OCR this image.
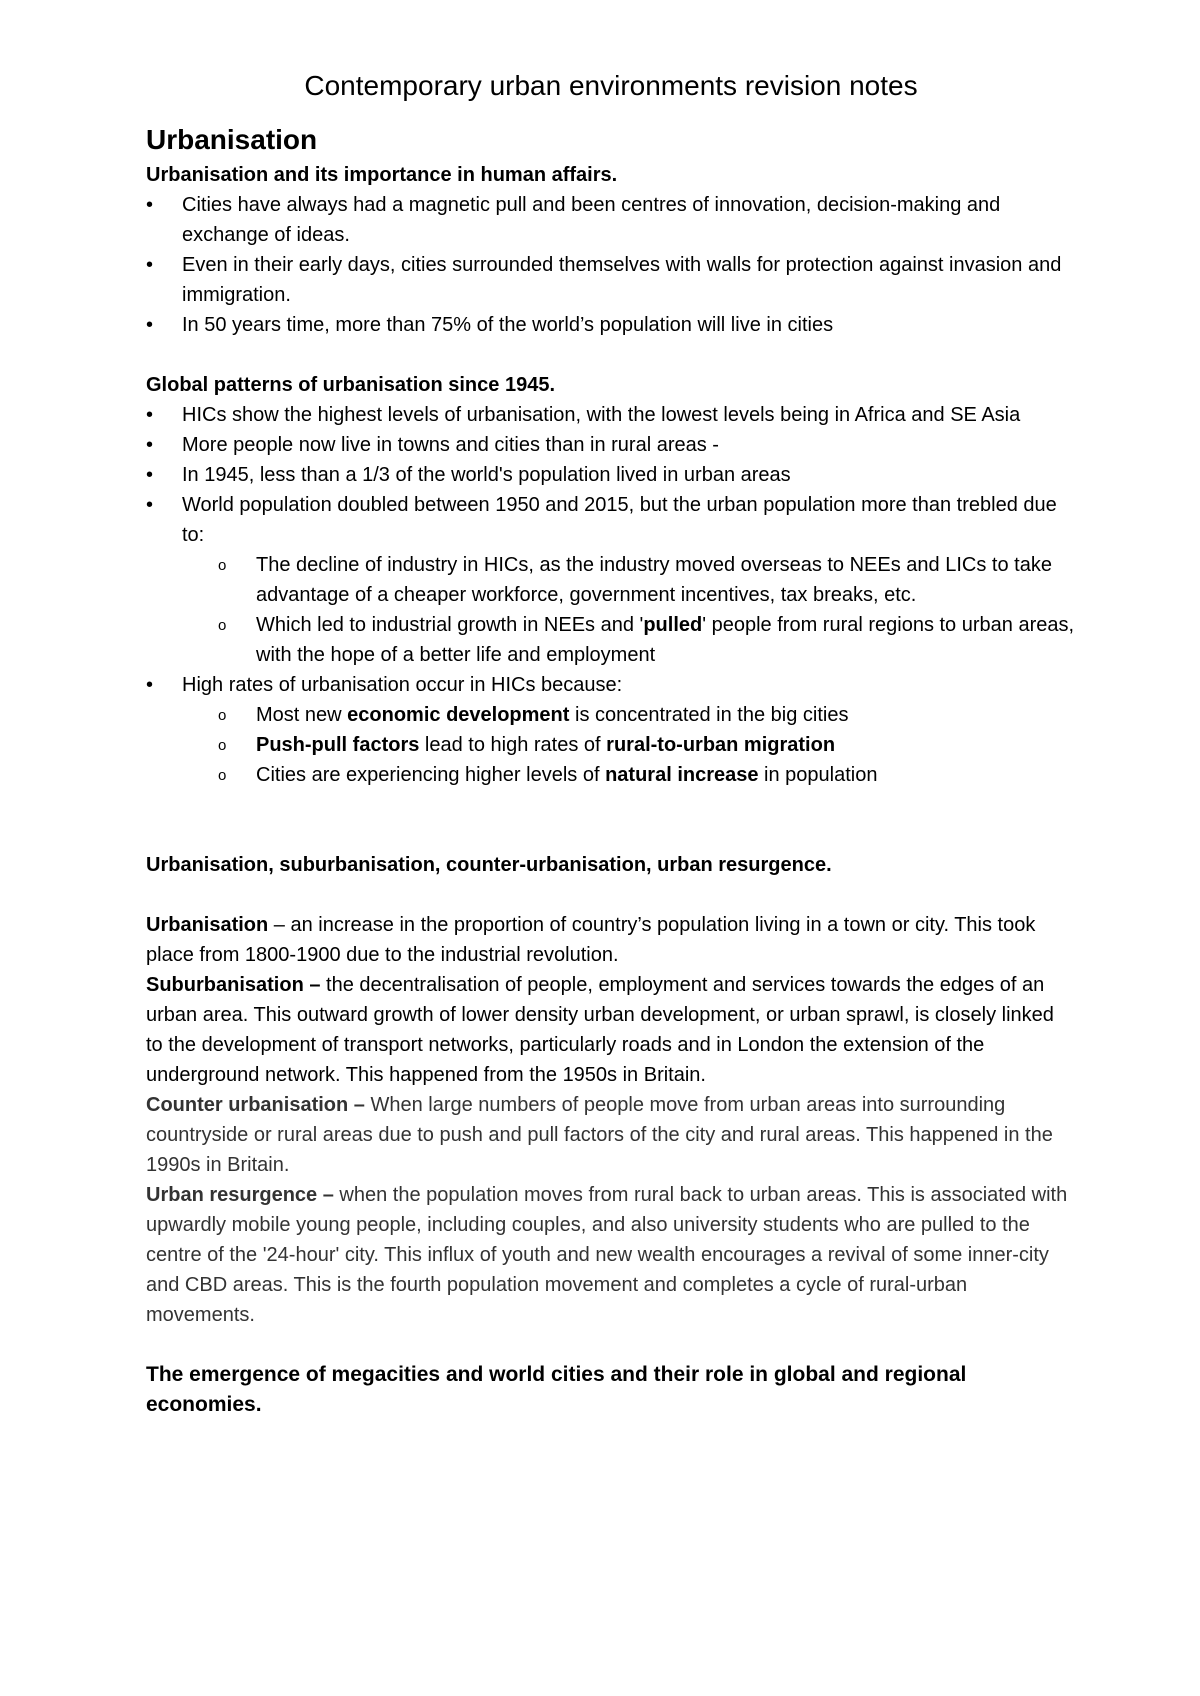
Contemporary urban environments revision notes
Urbanisation
Urbanisation and its importance in human affairs.
• Cities have always had a magnetic pull and been centres of innovation, decision-making and exchange of ideas.
• Even in their early days, cities surrounded themselves with walls for protection against invasion and immigration.
• In 50 years time, more than 75% of the world’s population will live in cities
Global patterns of urbanisation since 1945.
• HICs show the highest levels of urbanisation, with the lowest levels being in Africa and SE Asia
• More people now live in towns and cities than in rural areas -
• In 1945, less than a 1/3 of the world's population lived in urban areas
• World population doubled between 1950 and 2015, but the urban population more than trebled due to:
o The decline of industry in HICs, as the industry moved overseas to NEEs and LICs to take advantage of a cheaper workforce, government incentives, tax breaks, etc.
o Which led to industrial growth in NEEs and 'pulled' people from rural regions to urban areas, with the hope of a better life and employment
• High rates of urbanisation occur in HICs because:
o Most new economic development is concentrated in the big cities
o Push-pull factors lead to high rates of rural-to-urban migration
o Cities are experiencing higher levels of natural increase in population
Urbanisation, suburbanisation, counter-urbanisation, urban resurgence.

Urbanisation – an increase in the proportion of country’s population living in a town or city. This took place from 1800-1900 due to the industrial revolution.

Suburbanisation – the decentralisation of people, employment and services towards the edges of an urban area. This outward growth of lower density urban development, or urban sprawl, is closely linked to the development of transport networks, particularly roads and in London the extension of the underground network. This happened from the 1950s in Britain.

Counter urbanisation – When large numbers of people move from urban areas into surrounding countryside or rural areas due to push and pull factors of the city and rural areas. This happened in the 1990s in Britain.

Urban resurgence – when the population moves from rural back to urban areas. This is associated with upwardly mobile young people, including couples, and also university students who are pulled to the centre of the '24-hour' city. This influx of youth and new wealth encourages a revival of some inner-city and CBD areas. This is the fourth population movement and completes a cycle of rural-urban movements.

The emergence of megacities and world cities and their role in global and regional economies.
